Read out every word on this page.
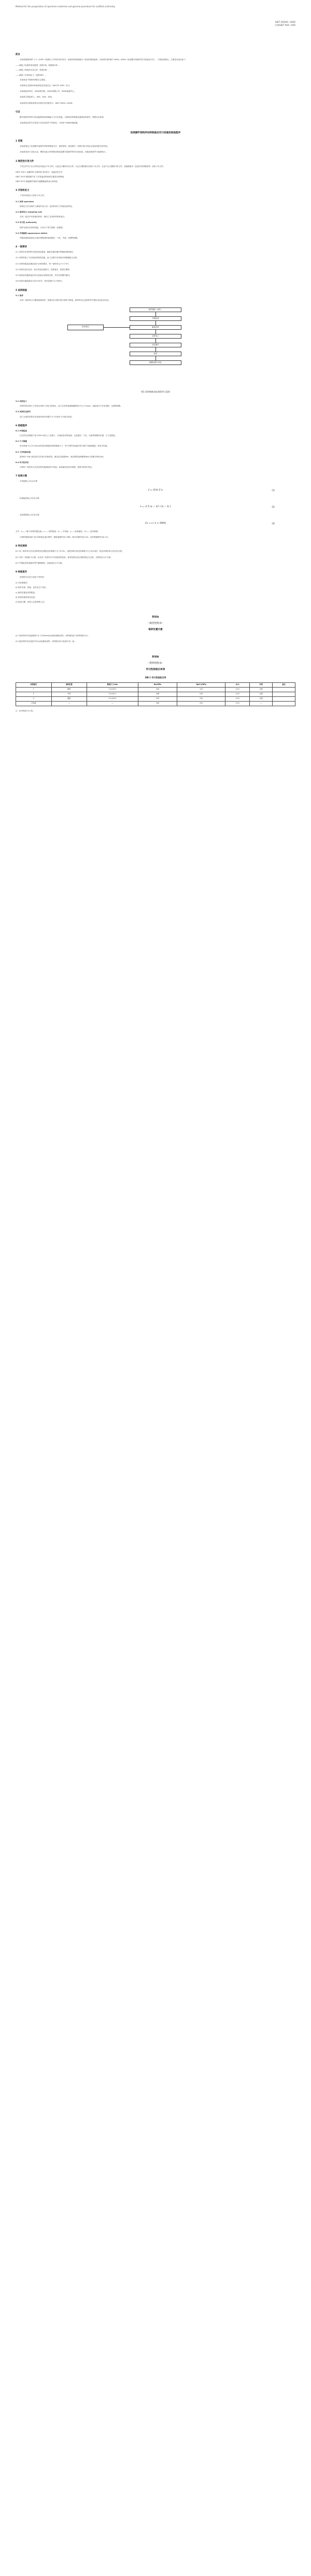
Method for the preparation of specimen materials and general procedure for scaffold uniformity
GB/T XXXXX—20XX
代替GB/T XXX—XXX
前言
本标准按照GB/T 1.1—2009《标准化工作导则 第1部分：标准的结构和编写》给出的规则起草。本标准代替GB/T XXXX—XXXX《轻质脚手架构件均匀性检验方法》，与原标准相比，主要技术变化如下：
——修改了标准的适用范围（见第1章，原版第1章）；
——增加了规范性引用文件（见第2章）；
——修改了术语和定义（见第3章）。
本标准由中国XXXX联合会提出。
本标准由全国XXXX标准化技术委员会（SAC/TC XXX）归口。
本标准起草单位：XXXX研究院、XXXX有限公司、XXXX检测中心。
本标准主要起草人：XXX、XXX、XXX。
本标准所代替标准的历次版本发布情况为：GB/T XXXX—XXXX。
引言
脚手架构件的均匀性直接影响其承载能力与安全性能，为规范试样制备及通用检验程序，特制定本标准。
本标准规定的方法适用于实验室条件下的检验，不适用于现场快速检测。
轻质脚手架构件试样制备及均匀性通用检验程序
1 范围
本标准规定了轻质脚手架构件试样的制备方法、取样原则、检验程序、结果计算与判定以及检验报告的内容。
本标准适用于以铝合金、钢材及复合材料制成的轻质脚手架构件的均匀性检验。其他类似构件可参照执行。
2 规范性引用文件
下列文件对于本文件的应用是必不可少的。凡是注日期的引用文件，仅注日期的版本适用于本文件。凡是不注日期的引用文件，其最新版本（包括所有的修改单）适用于本文件。
GB/T 228.1 金属材料 拉伸试验 第1部分：室温试验方法
GB/T 2975 钢及钢产品 力学性能试验取样位置及试样制备
GB/T 8170 数值修约规则与极限数值的表示和判定
3 术语和定义
下列术语和定义适用于本文件。
3.1 试样 specimen
按规定方法从构件上截取并加工成一定形状和尺寸的检验用样品。
3.2 取样单元 sampling unit
在同一批次中具有相同材料、相同工艺条件的构件组合。
3.3 均匀性 uniformity
构件各部位在材料性能、几何尺寸等方面的一致程度。
3.4 外观缺陷 appearance defect
肉眼或借助低倍放大镜可观察到的表面裂纹、气孔、夹渣、折叠等缺陷。
4 一般要求
4.1 试样应在构件的代表性部位截取，截取位置应避开焊缝及热影响区。
4.2 试样的加工不应改变材料的性能，加工过程中应采取冷却措施防止过热。
4.3 试样的数量应满足统计分析的要求，每一取样单元不少于5个。
4.4 试样应进行标识，标识内容包括批号、构件编号、取样位置等。
4.5 检验用仪器设备应经计量检定或校准合格，并在有效期内使用。
4.6 检验环境温度宜为(23±5)℃，相对湿度不大于80%。
5 试样制备
5.1 取样
从每一取样单元中随机抽取构件，按图1所示程序进行取样与制备。取样时应记录构件的外观状况及标识信息。
构件抽样（N件）
外观检查
截取试样
标识登记
试样加工
状态调节
检验
数据处理与判定
图1 试样制备及检验程序示意图
5.2 试样加工
试样的形状和尺寸应符合GB/T 228.1的规定，加工后试样表面粗糙度Ra不大于3.2μm，标距部分不应有划痕、毛刺等缺陷。
5.3 试样状态调节
加工完成的试样应在检验环境中放置不少于24h后方可进行检验。
6 检验程序
6.1 外观检查
在自然光或照度不低于500 lx的人工光源下，目视检查试样表面，记录裂纹、气孔、夹渣等缺陷的位置、尺寸及数量。
6.2 尺寸测量
用分度值不大于0.02mm的量具测量试样的截面尺寸，每个试样在标距内均匀取3个截面测量，取其平均值。
6.3 力学性能试验
按GB/T 228.1规定的方法进行拉伸试验，测定抗拉强度Rm、规定塑性延伸强度Rp0.2及断后伸长率A。
6.4 均匀性评价
计算同一取样单元内各试样性能指标的平均值、标准偏差及变异系数，按第7章进行判定。
7 结果计算
平均值按公式(1)计算：
x̄ = (1/n) Σ xᵢ	(1)
标准偏差按公式(2)计算：
s = √[ Σ (xᵢ − x̄)² / (n − 1) ]	(2)
变异系数按公式(3)计算：
Cv = s / x̄ × 100%	(3)
式中：xᵢ——第i个试样的测定值；n——试样数量；x̄——平均值；s——标准偏差；Cv——变异系数。
计算结果按GB/T 8170的规定进行修约，强度值修约至1 MPa，伸长率修约至0.5%，变异系数修约至0.1%。
8 判定规则
8.1 同一取样单元内各试样的抗拉强度变异系数不大于3.0%，且断后伸长率变异系数不大于8.0%时，判定该取样单元均匀性合格。
8.2 若有一项指标不合格，应从同一取样单元中加倍取样复验，复验结果全部合格则判定为合格，否则判定为不合格。
8.3 外观检查发现裂纹等严重缺陷时，直接判定为不合格。
9 检验报告
检验报告应至少包括下列内容：
a) 本标准编号；
b) 构件名称、规格、批号及生产单位；
c) 取样位置及试样数量；
d) 检验结果及判定结论；
e) 检验日期、检验人员及审核人员。
附录A
（规范性附录）
取样位置示意
A.1 管状构件应在距端部不小于100mm处沿轴向截取试样，试样轴线应与构件轴线平行。
A.2 板状构件应在宽度方向1/4处截取试样，试样纵向应与轧制方向一致。
附录B
（资料性附录）
均匀性检验记录表
表B.1 均匀性检验记录
试样编号	取样位置	截面尺寸/mm	Rm/MPa	Rp0.2/MPa	A/%	外观	备注
1	端部	3.2×25.0	245	212	12.5	合格	
2	中部	3.2×25.1	248	215	12.0	合格	
3	端部	3.1×25.0	243	210	13.0	合格	
平均值	—	—	245	212	12.5	—	
注：表中数值仅为示例。
